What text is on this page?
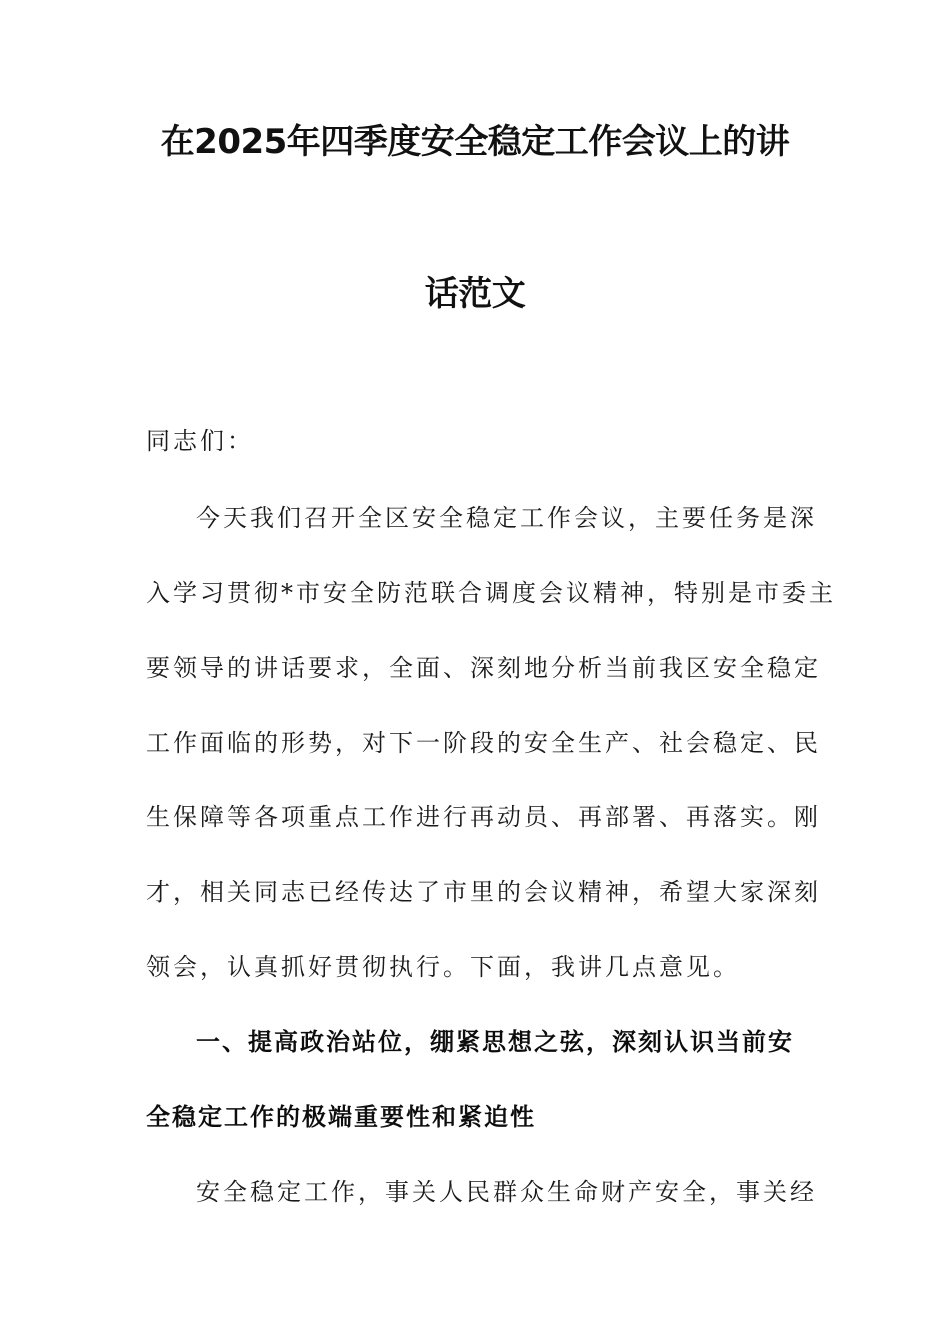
在2025年四季度安全稳定工作会议上的讲
话范文
同志们：
今天我们召开全区安全稳定工作会议，主要任务是深
入学习贯彻*市安全防范联合调度会议精神，特别是市委主
要领导的讲话要求，全面、深刻地分析当前我区安全稳定
工作面临的形势，对下一阶段的安全生产、社会稳定、民
生保障等各项重点工作进行再动员、再部署、再落实。刚
才，相关同志已经传达了市里的会议精神，希望大家深刻
领会，认真抓好贯彻执行。下面，我讲几点意见。
一、提高政治站位，绷紧思想之弦，深刻认识当前安
全稳定工作的极端重要性和紧迫性
安全稳定工作，事关人民群众生命财产安全，事关经
